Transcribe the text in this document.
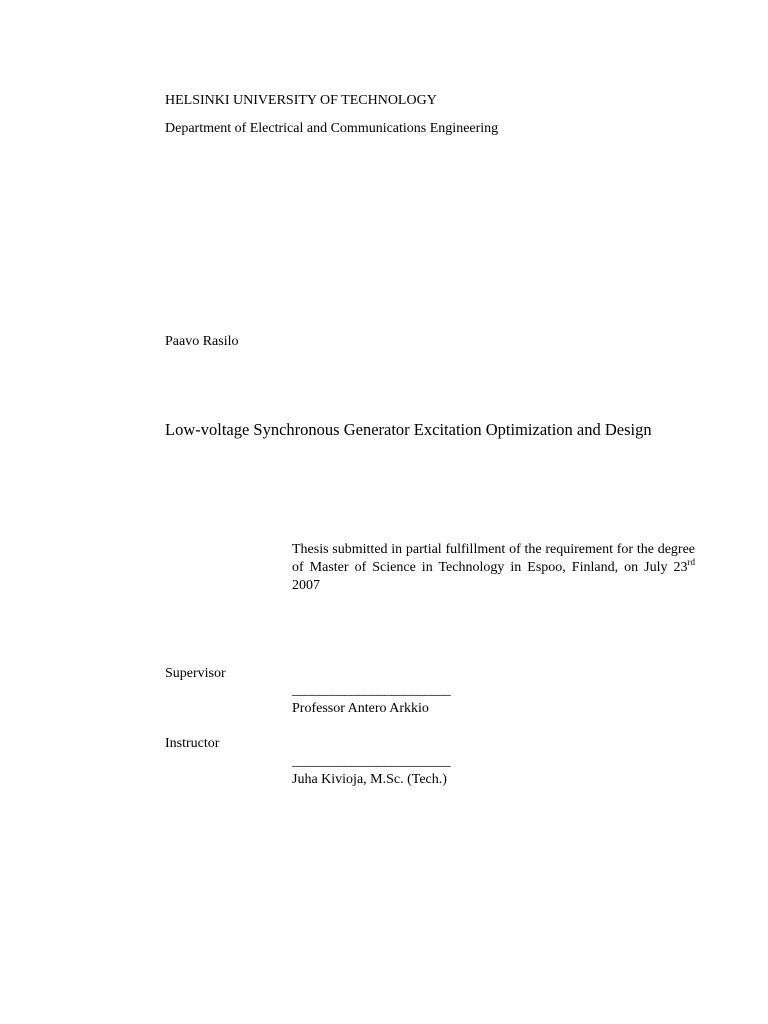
HELSINKI UNIVERSITY OF TECHNOLOGY
Department of Electrical and Communications Engineering
Paavo Rasilo
Low-voltage Synchronous Generator Excitation Optimization and Design
Thesis submitted in partial fulfillment of the requirement for the degree of Master of Science in Technology in Espoo, Finland, on July 23rd 2007
Supervisor
________________________
Professor Antero Arkkio
Instructor
________________________
Juha Kivioja, M.Sc. (Tech.)
